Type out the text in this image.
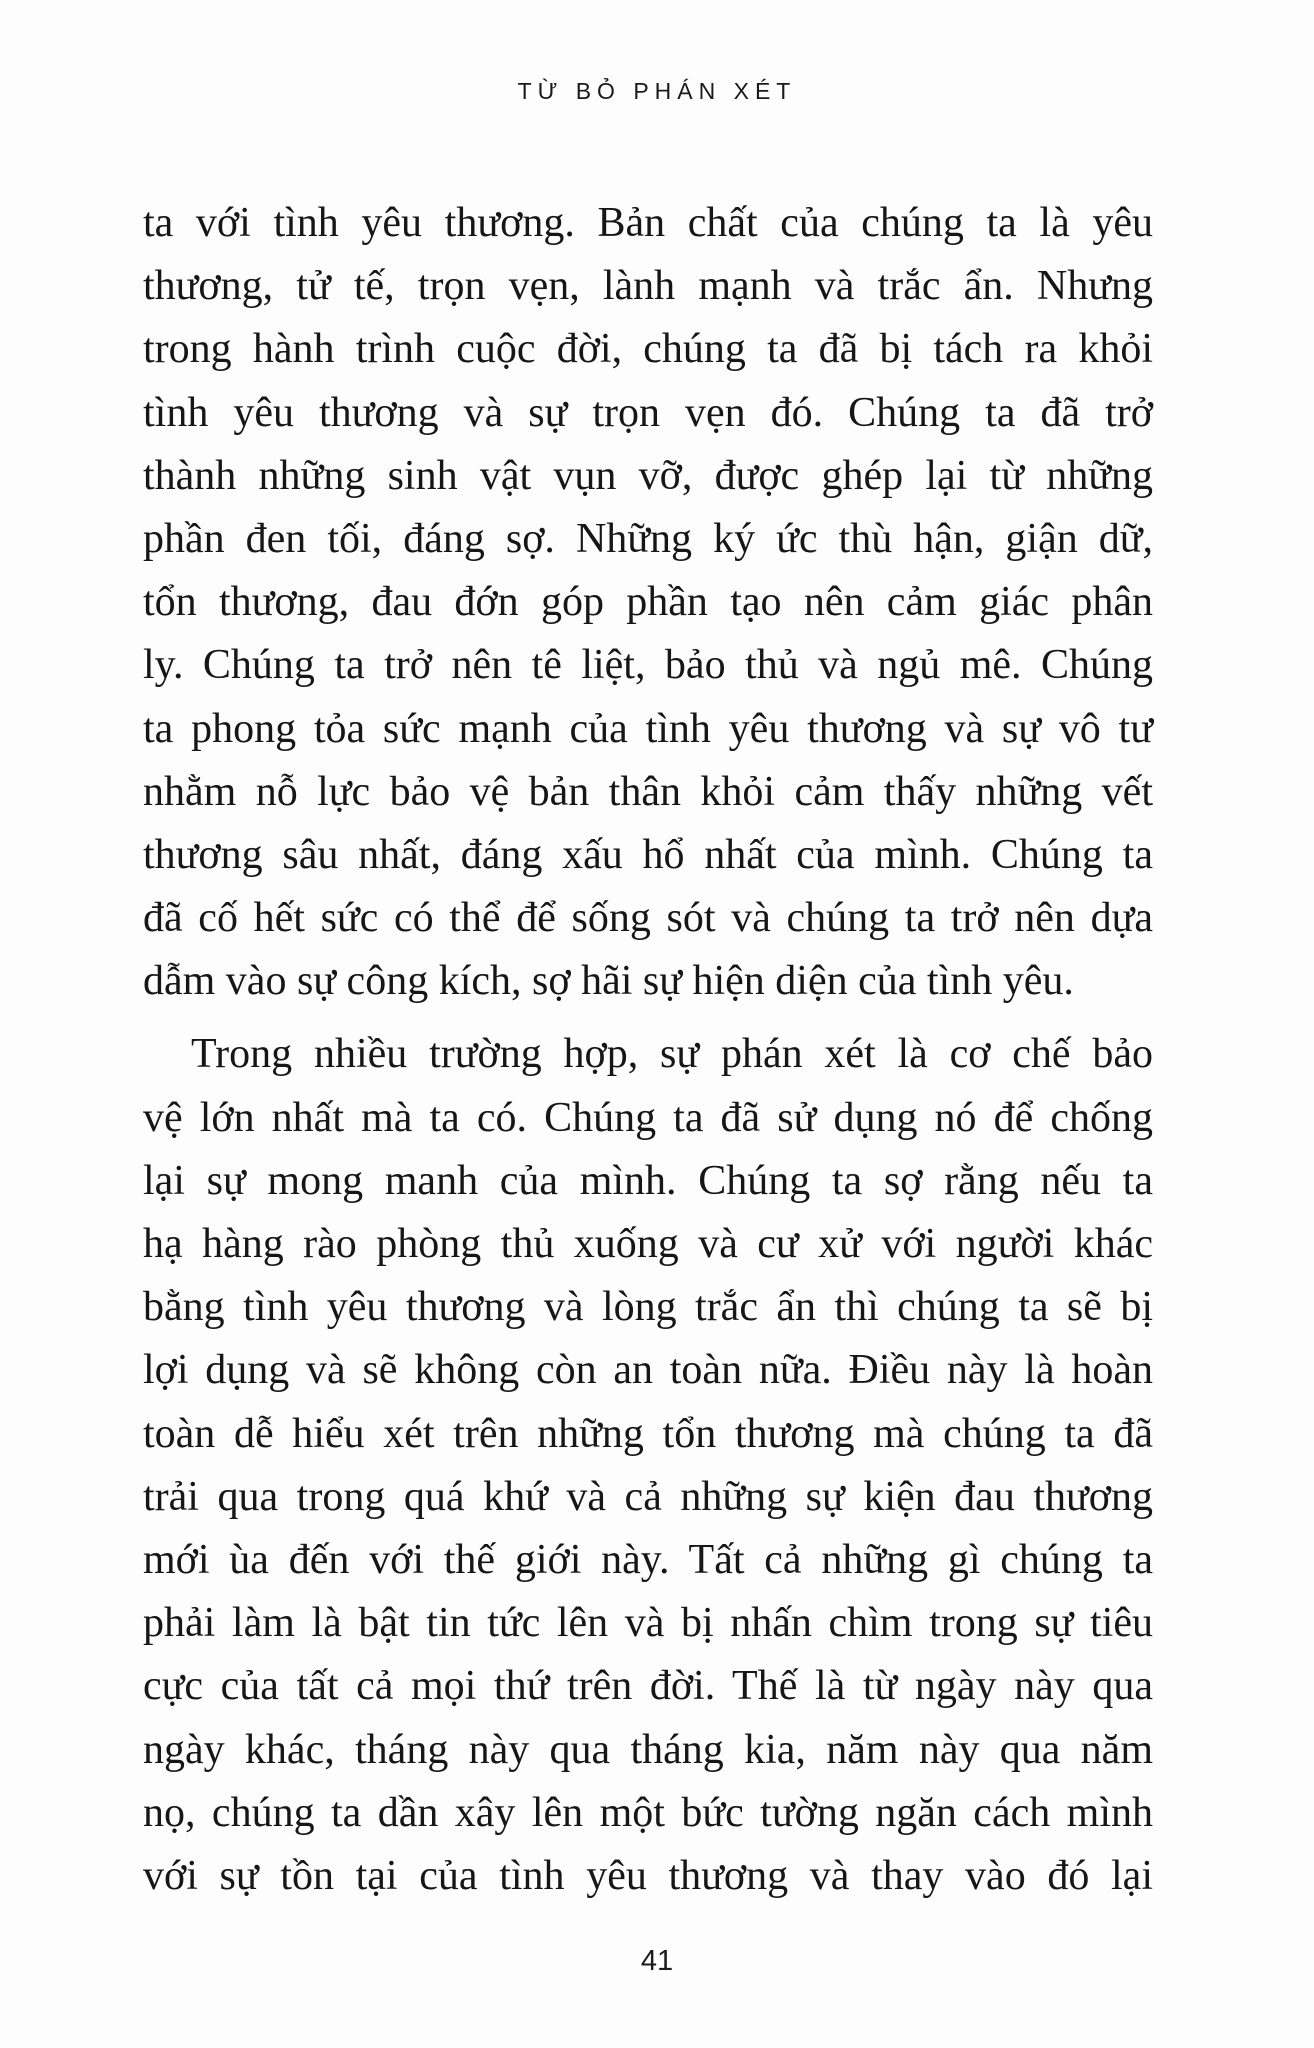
TỪ BỎ PHÁN XÉT
ta với tình yêu thương. Bản chất của chúng ta là yêu
thương, tử tế, trọn vẹn, lành mạnh và trắc ẩn. Nhưng
trong hành trình cuộc đời, chúng ta đã bị tách ra khỏi
tình yêu thương và sự trọn vẹn đó. Chúng ta đã trở
thành những sinh vật vụn vỡ, được ghép lại từ những
phần đen tối, đáng sợ. Những ký ức thù hận, giận dữ,
tổn thương, đau đớn góp phần tạo nên cảm giác phân
ly. Chúng ta trở nên tê liệt, bảo thủ và ngủ mê. Chúng
ta phong tỏa sức mạnh của tình yêu thương và sự vô tư
nhằm nỗ lực bảo vệ bản thân khỏi cảm thấy những vết
thương sâu nhất, đáng xấu hổ nhất của mình. Chúng ta
đã cố hết sức có thể để sống sót và chúng ta trở nên dựa
dẫm vào sự công kích, sợ hãi sự hiện diện của tình yêu.
Trong nhiều trường hợp, sự phán xét là cơ chế bảo
vệ lớn nhất mà ta có. Chúng ta đã sử dụng nó để chống
lại sự mong manh của mình. Chúng ta sợ rằng nếu ta
hạ hàng rào phòng thủ xuống và cư xử với người khác
bằng tình yêu thương và lòng trắc ẩn thì chúng ta sẽ bị
lợi dụng và sẽ không còn an toàn nữa. Điều này là hoàn
toàn dễ hiểu xét trên những tổn thương mà chúng ta đã
trải qua trong quá khứ và cả những sự kiện đau thương
mới ùa đến với thế giới này. Tất cả những gì chúng ta
phải làm là bật tin tức lên và bị nhấn chìm trong sự tiêu
cực của tất cả mọi thứ trên đời. Thế là từ ngày này qua
ngày khác, tháng này qua tháng kia, năm này qua năm
nọ, chúng ta dần xây lên một bức tường ngăn cách mình
với sự tồn tại của tình yêu thương và thay vào đó lại
41
